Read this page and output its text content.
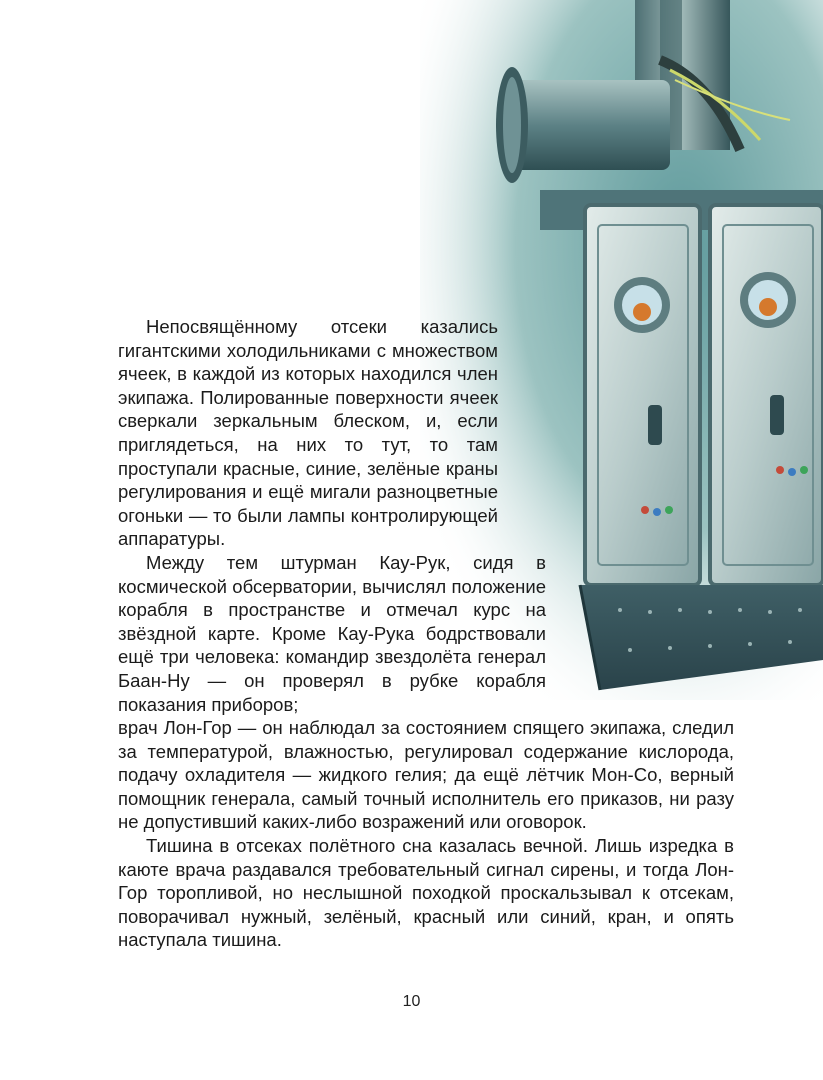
Непосвящённому отсеки казались гигантскими холодильниками с множеством ячеек, в каждой из которых находился член экипажа. Полированные поверхности ячеек сверкали зеркальным блеском, и, если приглядеться, на них то тут, то там проступали красные, синие, зелёные краны регулирования и ещё мигали разноцветные огоньки — то были лампы контролирующей аппаратуры.

Между тем штурман Кау-Рук, сидя в космической обсерватории, вычислял положение корабля в пространстве и отмечал курс на звёздной карте. Кроме Кау-Рука бодрствовали ещё три человека: командир звездолёта генерал Баан-Ну — он проверял в рубке корабля показания приборов;

врач Лон-Гор — он наблюдал за состоянием спящего экипажа, следил за температурой, влажностью, регулировал содержание кислорода, подачу охладителя — жидкого гелия; да ещё лётчик Мон-Со, верный помощник генерала, самый точный исполнитель его приказов, ни разу не допустивший каких-либо возражений или оговорок.

Тишина в отсеках полётного сна казалась вечной. Лишь изредка в каюте врача раздавался требовательный сигнал сирены, и тогда Лон-Гор торопливой, но неслышной походкой проскальзывал к отсекам, поворачивал нужный, зелёный, красный или синий, кран, и опять наступала тишина.

10
